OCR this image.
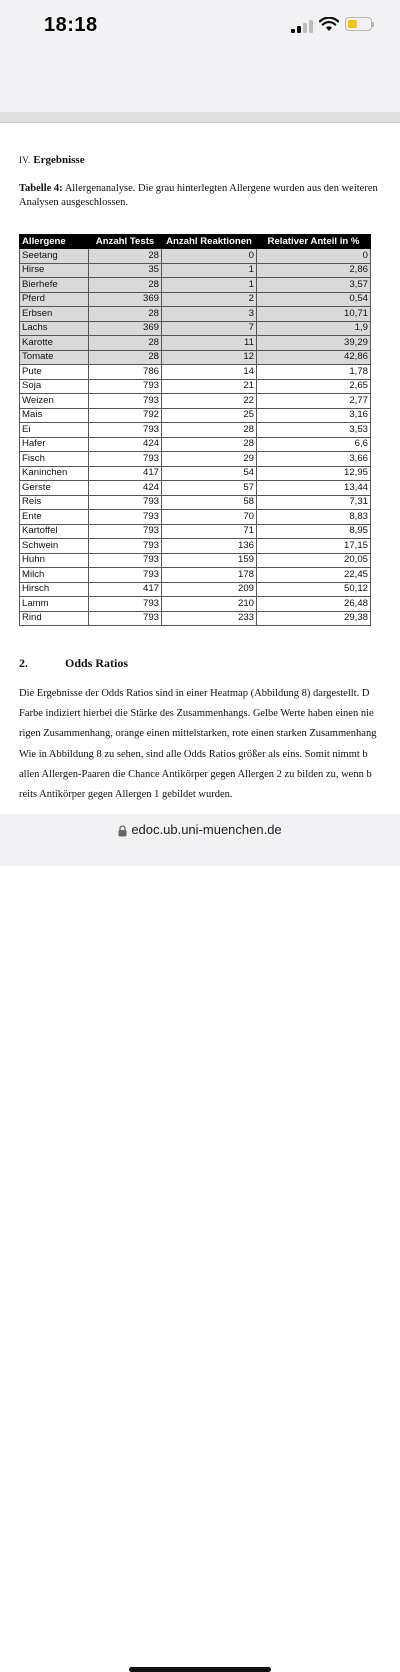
18:18
IV. Ergebnisse
Tabelle 4: Allergenanalyse. Die grau hinterlegten Allergene wurden aus den weiteren
Analysen ausgeschlossen.
Allergene	Anzahl Tests	Anzahl Reaktionen	Relativer Anteil in %
Seetang	28	0	0
Hirse	35	1	2,86
Bierhefe	28	1	3,57
Pferd	369	2	0,54
Erbsen	28	3	10,71
Lachs	369	7	1,9
Karotte	28	11	39,29
Tomate	28	12	42,86
Pute	786	14	1,78
Soja	793	21	2,65
Weizen	793	22	2,77
Mais	792	25	3,16
Ei	793	28	3,53
Hafer	424	28	6,6
Fisch	793	29	3,66
Kaninchen	417	54	12,95
Gerste	424	57	13,44
Reis	793	58	7,31
Ente	793	70	8,83
Kartoffel	793	71	8,95
Schwein	793	136	17,15
Huhn	793	159	20,05
Milch	793	178	22,45
Hirsch	417	209	50,12
Lamm	793	210	26,48
Rind	793	233	29,38
2.	Odds Ratios
Die Ergebnisse der Odds Ratios sind in einer Heatmap (Abbildung 8) dargestellt. D
Farbe indiziert hierbei die Stärke des Zusammenhangs. Gelbe Werte haben einen nie
rigen Zusammenhang, orange einen mittelstarken, rote einen starken Zusammenhang
Wie in Abbildung 8 zu sehen, sind alle Odds Ratios größer als eins. Somit nimmt b
allen Allergen-Paaren die Chance Antikörper gegen Allergen 2 zu bilden zu, wenn b
reits Antikörper gegen Allergen 1 gebildet wurden.
edoc.ub.uni-muenchen.de
